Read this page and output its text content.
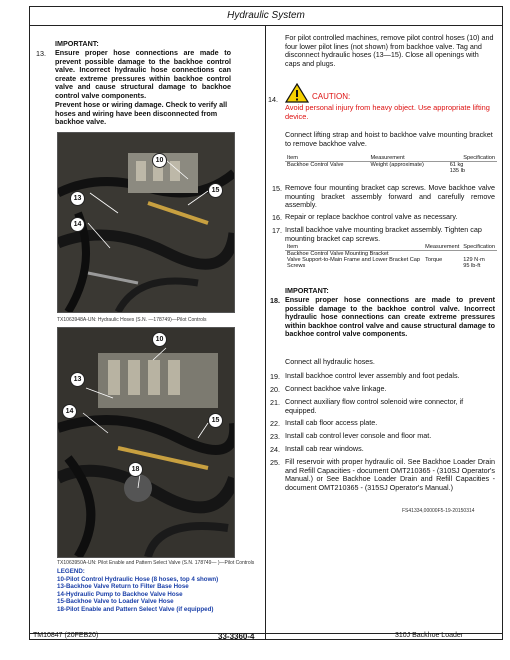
Hydraulic System
IMPORTANT:
13. Ensure proper hose connections are made to prevent possible damage to the backhoe control valve. Incorrect hydraulic hose connections can create extreme pressures within backhoe control valve and cause structural damage to backhoe control valve components.
Prevent hose or wiring damage. Check to verify all hoses and wiring have been disconnected from backhoe valve.
10
13
14
15
TX1063948A-UN: Hydraulic Hoses (S.N. —178749)—Pilot Controls
10
13
14
15
18
TX1063950A-UN: Pilot Enable and Pattern Select Valve (S.N. 178749— )—Pilot Controls
LEGEND:
10-Pilot Control Hydraulic Hose (8 hoses, top 4 shown)
13-Backhoe Valve Return to Filter Base Hose
14-Hydraulic Pump to Backhoe Valve Hose
15-Backhoe Valve to Loader Valve Hose
18-Pilot Enable and Pattern Select Valve (if equipped)
For pilot controlled machines, remove pilot control hoses (10) and four lower pilot lines (not shown) from backhoe valve. Tag and disconnect hydraulic hoses (13—15). Close all openings with caps and plugs.
14.	CAUTION:
Avoid personal injury from heavy object. Use appropriate lifting device.
Connect lifting strap and hoist to backhoe valve mounting bracket to remove backhoe valve.
Item	Measurement	Specification
Backhoe Control Valve	Weight (approximate)	61 kg
135 lb
15. Remove four mounting bracket cap screws. Move backhoe valve mounting bracket assembly forward and carefully remove assembly.
16. Repair or replace backhoe control valve as necessary.
17. Install backhoe valve mounting bracket assembly. Tighten cap mounting bracket cap screws.
Item	Measurement	Specification
Backhoe Control Valve Mounting Bracket		
Valve Support-to-Main Frame and Lower Bracket Cap Screws	Torque	129 N·m
95 lb-ft
IMPORTANT:
18. Ensure proper hose connections are made to prevent possible damage to the backhoe control valve. Incorrect hydraulic hose connections can create extreme pressures within backhoe control valve and cause structural damage to backhoe control valve components.
Connect all hydraulic hoses.
19. Install backhoe control lever assembly and foot pedals.
20. Connect backhoe valve linkage.
21. Connect auxiliary flow control solenoid wire connector, if equipped.
22. Install cab floor access plate.
23. Install cab control lever console and floor mat.
24. Install cab rear windows.
25. Fill reservoir with proper hydraulic oil. See Backhoe Loader Drain and Refill Capacities - document OMT210365 - (310SJ Operator's Manual.) or See Backhoe Loader Drain and Refill Capacities - document OMT210365 - (315SJ Operator's Manual.)
FS41334,00000F5-19-20150314
TM10847 (20FEB20)	33-3360-4	310J Backhoe Loader
